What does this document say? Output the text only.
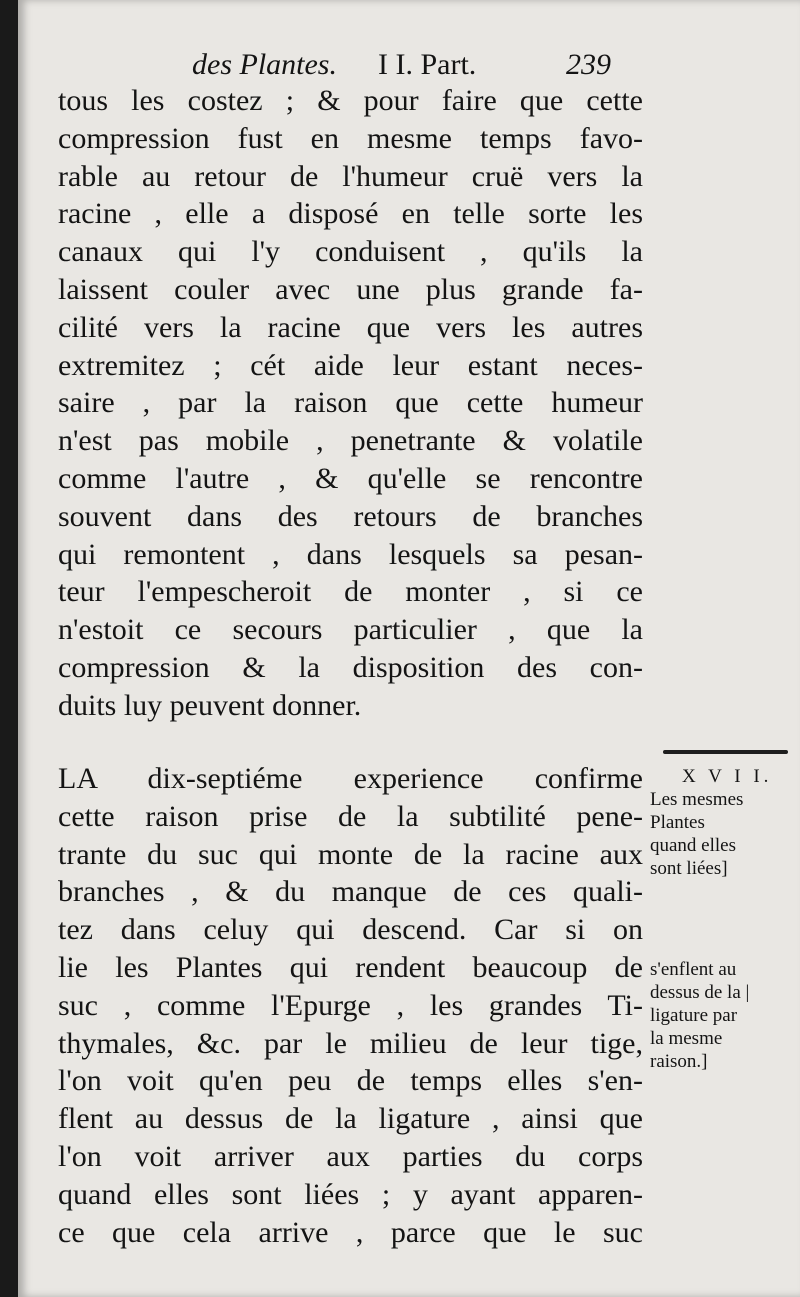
des Plantes. I I. Part.	239
tous les costez ; & pour faire que cette
compression fust en mesme temps favo-
rable au retour de l'humeur cruë vers la
racine , elle a disposé en telle sorte les
canaux qui l'y conduisent , qu'ils la
laissent couler avec une plus grande fa-
cilité vers la racine que vers les autres
extremitez ; cét aide leur estant neces-
saire , par la raison que cette humeur
n'est pas mobile , penetrante & volatile
comme l'autre , & qu'elle se rencontre
souvent dans des retours de branches
qui remontent , dans lesquels sa pesan-
teur l'empescheroit de monter , si ce
n'estoit ce secours particulier , que la
compression & la disposition des con-
duits luy peuvent donner.
LA dix-septiéme experience confirme
cette raison prise de la subtilité pene-
trante du suc qui monte de la racine aux
branches , & du manque de ces quali-
tez dans celuy qui descend. Car si on
lie les Plantes qui rendent beaucoup de
suc , comme l'Epurge , les grandes Ti-
thymales, &c. par le milieu de leur tige,
l'on voit qu'en peu de temps elles s'en-
flent au dessus de la ligature , ainsi que
l'on voit arriver aux parties du corps
quand elles sont liées ; y ayant apparen-
ce que cela arrive , parce que le suc
X V I I.
Les mesmes
Plantes
quand elles
sont liées]
s'enflent au
dessus de la |
ligature par
la mesme
raison.]
